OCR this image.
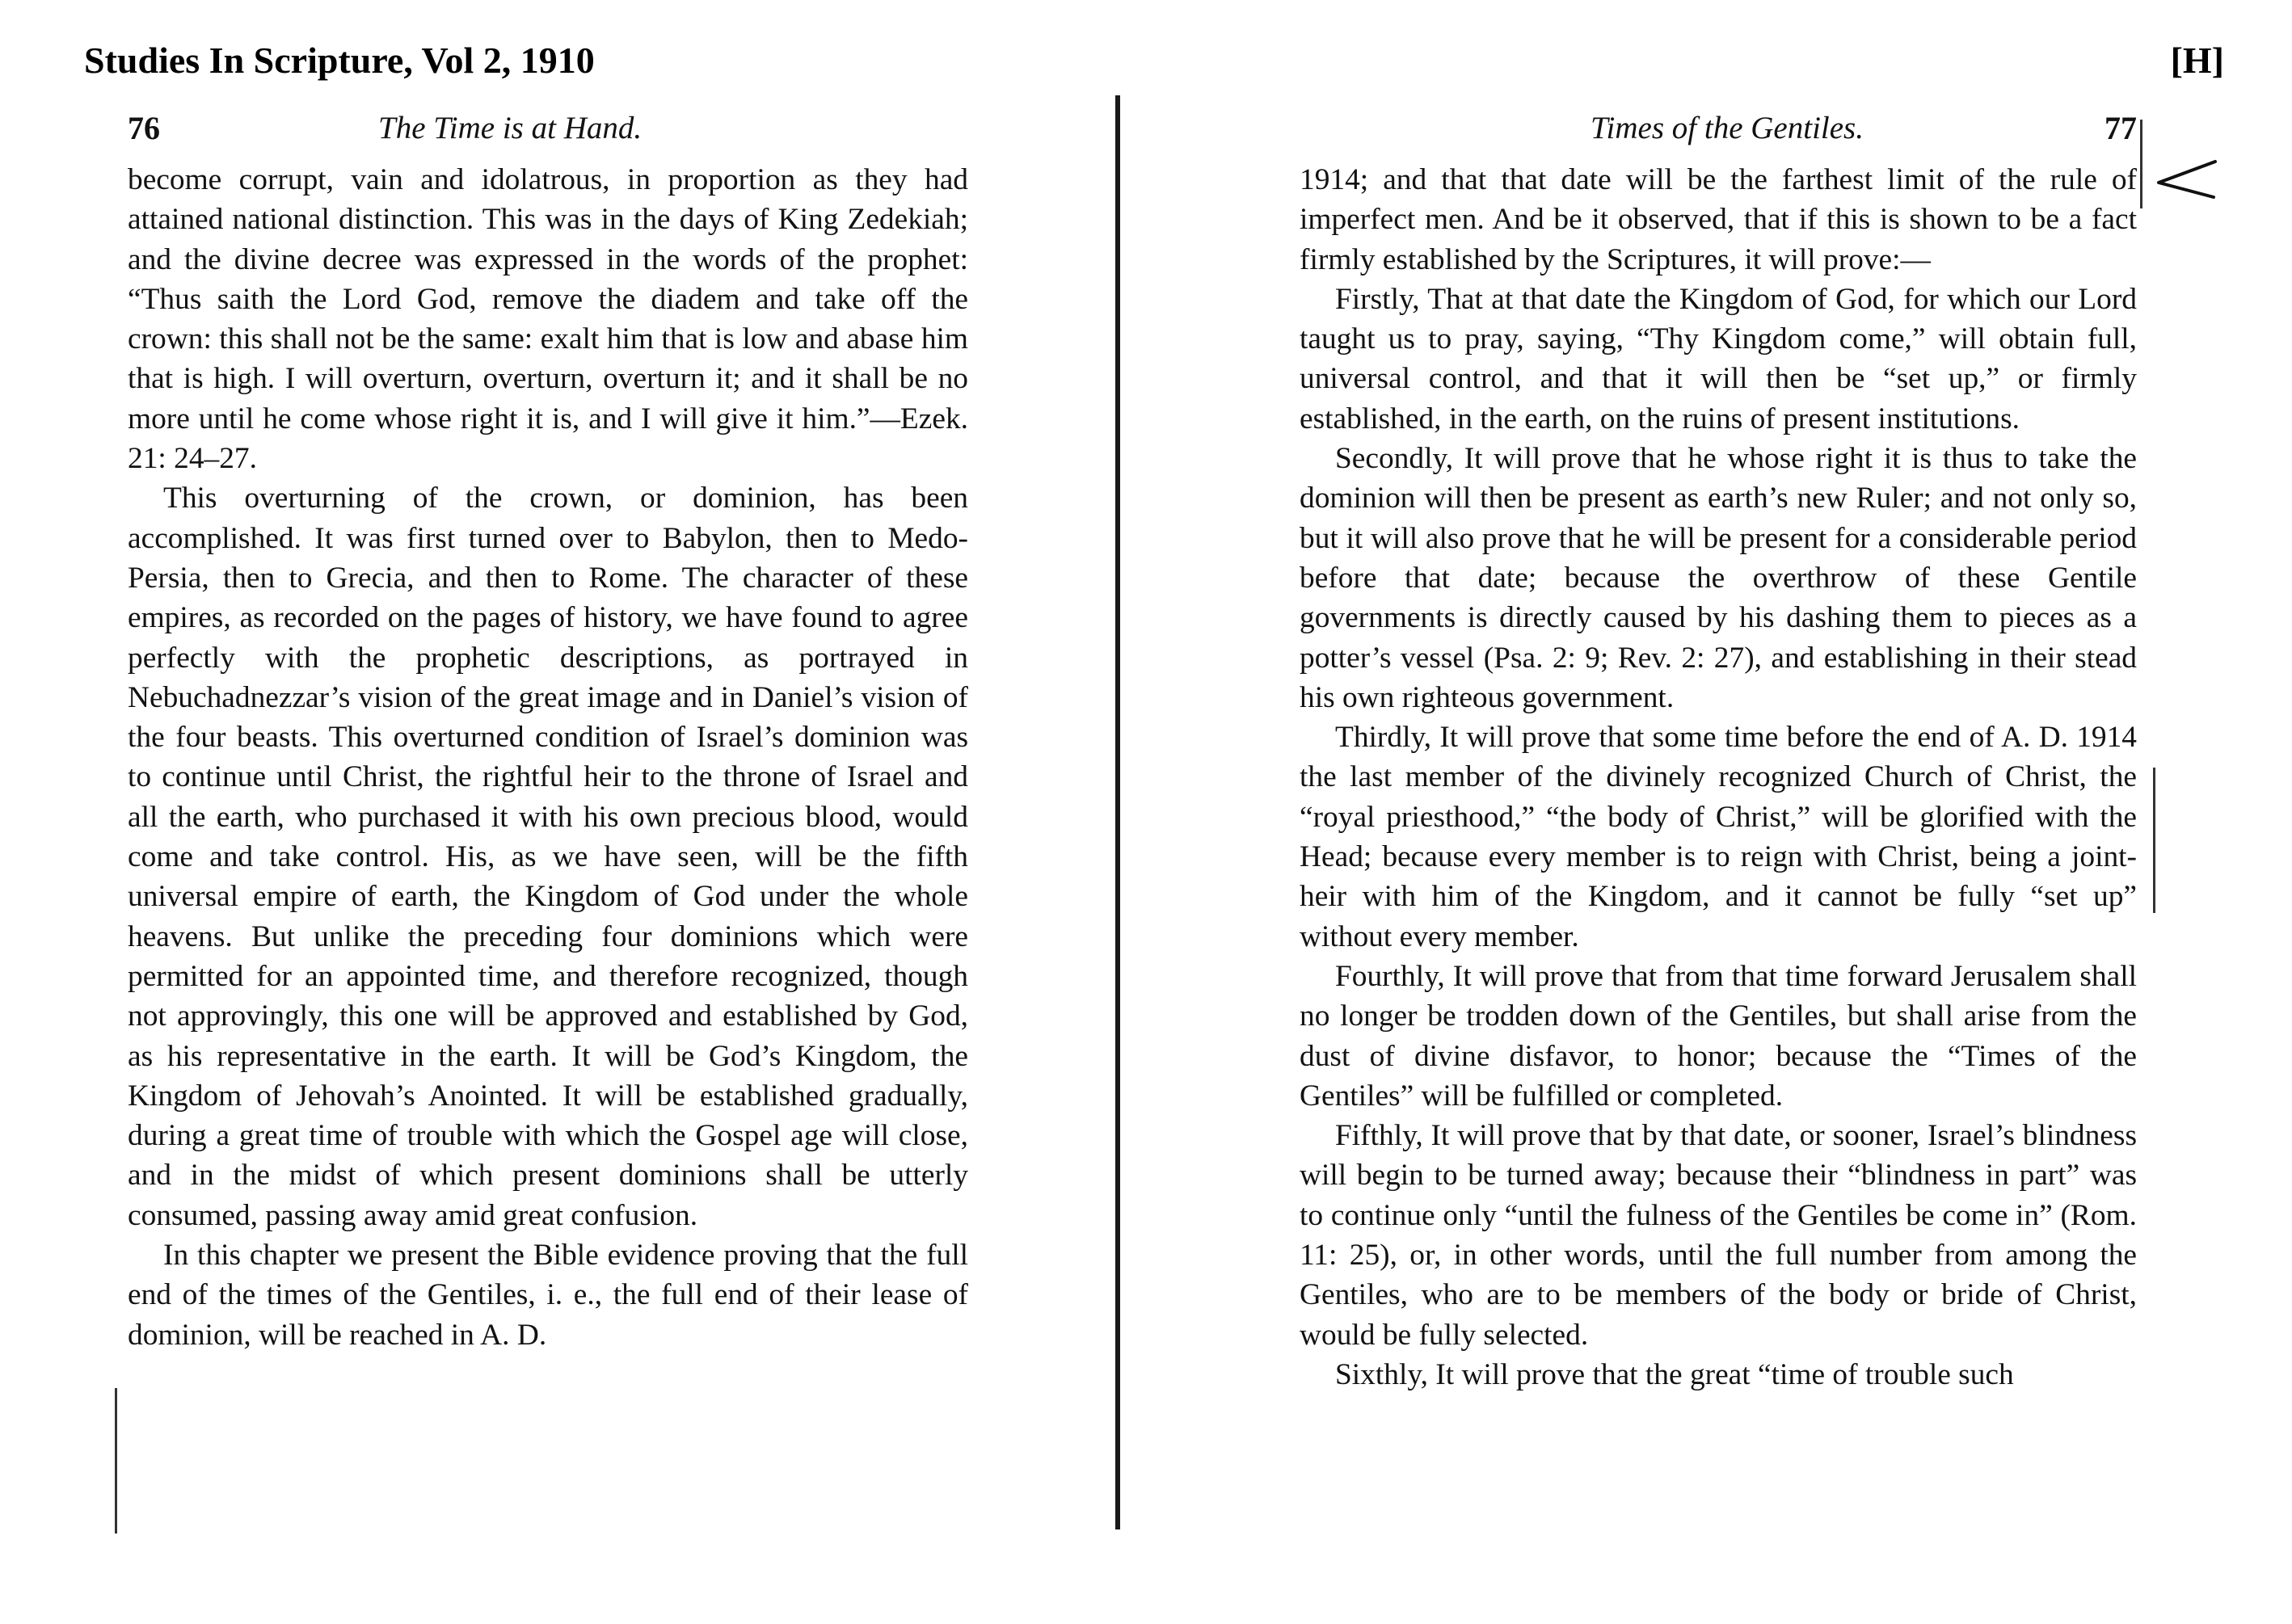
Studies In Scripture, Vol 2, 1910	[H]
76	The Time is at Hand.

become corrupt, vain and idolatrous, in proportion as they had attained national distinction. This was in the days of King Zedekiah; and the divine decree was expressed in the words of the prophet: “Thus saith the Lord God, remove the diadem and take off the crown: this shall not be the same: exalt him that is low and abase him that is high. I will overturn, overturn, overturn it; and it shall be no more until he come whose right it is, and I will give it him.”—Ezek. 21: 24–27.

This overturning of the crown, or dominion, has been accomplished. It was first turned over to Babylon, then to Medo-Persia, then to Grecia, and then to Rome. The character of these empires, as recorded on the pages of history, we have found to agree perfectly with the prophetic descriptions, as portrayed in Nebuchadnezzar’s vision of the great image and in Daniel’s vision of the four beasts. This overturned condition of Israel’s dominion was to continue until Christ, the rightful heir to the throne of Israel and all the earth, who purchased it with his own precious blood, would come and take control. His, as we have seen, will be the fifth universal empire of earth, the Kingdom of God under the whole heavens. But unlike the preceding four dominions which were permitted for an appointed time, and therefore recognized, though not approvingly, this one will be approved and established by God, as his representative in the earth. It will be God’s Kingdom, the Kingdom of Jehovah’s Anointed. It will be established gradually, during a great time of trouble with which the Gospel age will close, and in the midst of which present dominions shall be utterly consumed, passing away amid great confusion.

In this chapter we present the Bible evidence proving that the full end of the times of the Gentiles, i. e., the full end of their lease of dominion, will be reached in A. D.

Times of the Gentiles.	77

1914; and that that date will be the farthest limit of the rule of imperfect men. And be it observed, that if this is shown to be a fact firmly established by the Scriptures, it will prove:—

Firstly, That at that date the Kingdom of God, for which our Lord taught us to pray, saying, “Thy Kingdom come,” will obtain full, universal control, and that it will then be “set up,” or firmly established, in the earth, on the ruins of present institutions.

Secondly, It will prove that he whose right it is thus to take the dominion will then be present as earth’s new Ruler; and not only so, but it will also prove that he will be present for a considerable period before that date; because the overthrow of these Gentile governments is directly caused by his dashing them to pieces as a potter’s vessel (Psa. 2: 9; Rev. 2: 27), and establishing in their stead his own righteous government.

Thirdly, It will prove that some time before the end of A. D. 1914 the last member of the divinely recognized Church of Christ, the “royal priesthood,” “the body of Christ,” will be glorified with the Head; because every member is to reign with Christ, being a joint-heir with him of the Kingdom, and it cannot be fully “set up” without every member.

Fourthly, It will prove that from that time forward Jerusalem shall no longer be trodden down of the Gentiles, but shall arise from the dust of divine disfavor, to honor; because the “Times of the Gentiles” will be fulfilled or completed.

Fifthly, It will prove that by that date, or sooner, Israel’s blindness will begin to be turned away; because their “blindness in part” was to continue only “until the fulness of the Gentiles be come in” (Rom. 11: 25), or, in other words, until the full number from among the Gentiles, who are to be members of the body or bride of Christ, would be fully selected.

Sixthly, It will prove that the great “time of trouble such
